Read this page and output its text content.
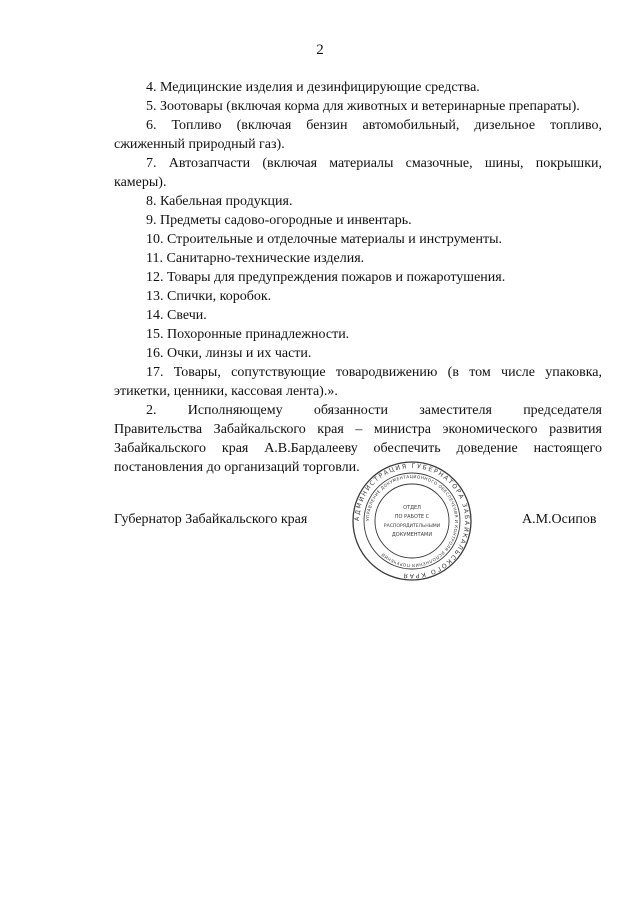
2
4. Медицинские изделия и дезинфицирующие средства.
5. Зоотовары (включая корма для животных и ветеринарные препараты).
6. Топливо (включая бензин автомобильный, дизельное топливо, сжиженный природный газ).
7. Автозапчасти (включая материалы смазочные, шины, покрышки, камеры).
8. Кабельная продукция.
9. Предметы садово-огородные и инвентарь.
10. Строительные и отделочные материалы и инструменты.
11. Санитарно-технические изделия.
12. Товары для предупреждения пожаров и пожаротушения.
13. Спички, коробок.
14. Свечи.
15. Похоронные принадлежности.
16. Очки, линзы и их части.
17. Товары, сопутствующие товародвижению (в том числе упаковка, этикетки, ценники, кассовая лента).».
2. Исполняющему обязанности заместителя председателя
Правительства Забайкальского края – министра экономического развития Забайкальского края А.В.Бардалееву обеспечить доведение настоящего постановления до организаций торговли.
Губернатор Забайкальского края	АДМИНИСТРАЦИЯ ГУБЕРНАТОРА ЗАБАЙКАЛЬСКОГО КРАЯ
УПРАВЛЕНИЕ ДОКУМЕНТАЦИОННОГО ОБЕСПЕЧЕНИЯ И КОНТРОЛЯ ИСПОЛНЕНИЯ ПОРУЧЕНИЙ
ОТДЕЛ
ПО РАБОТЕ С
РАСПОРЯДИТЕЛЬНЫМИ
ДОКУМЕНТАМИ
А.М.Осипов
